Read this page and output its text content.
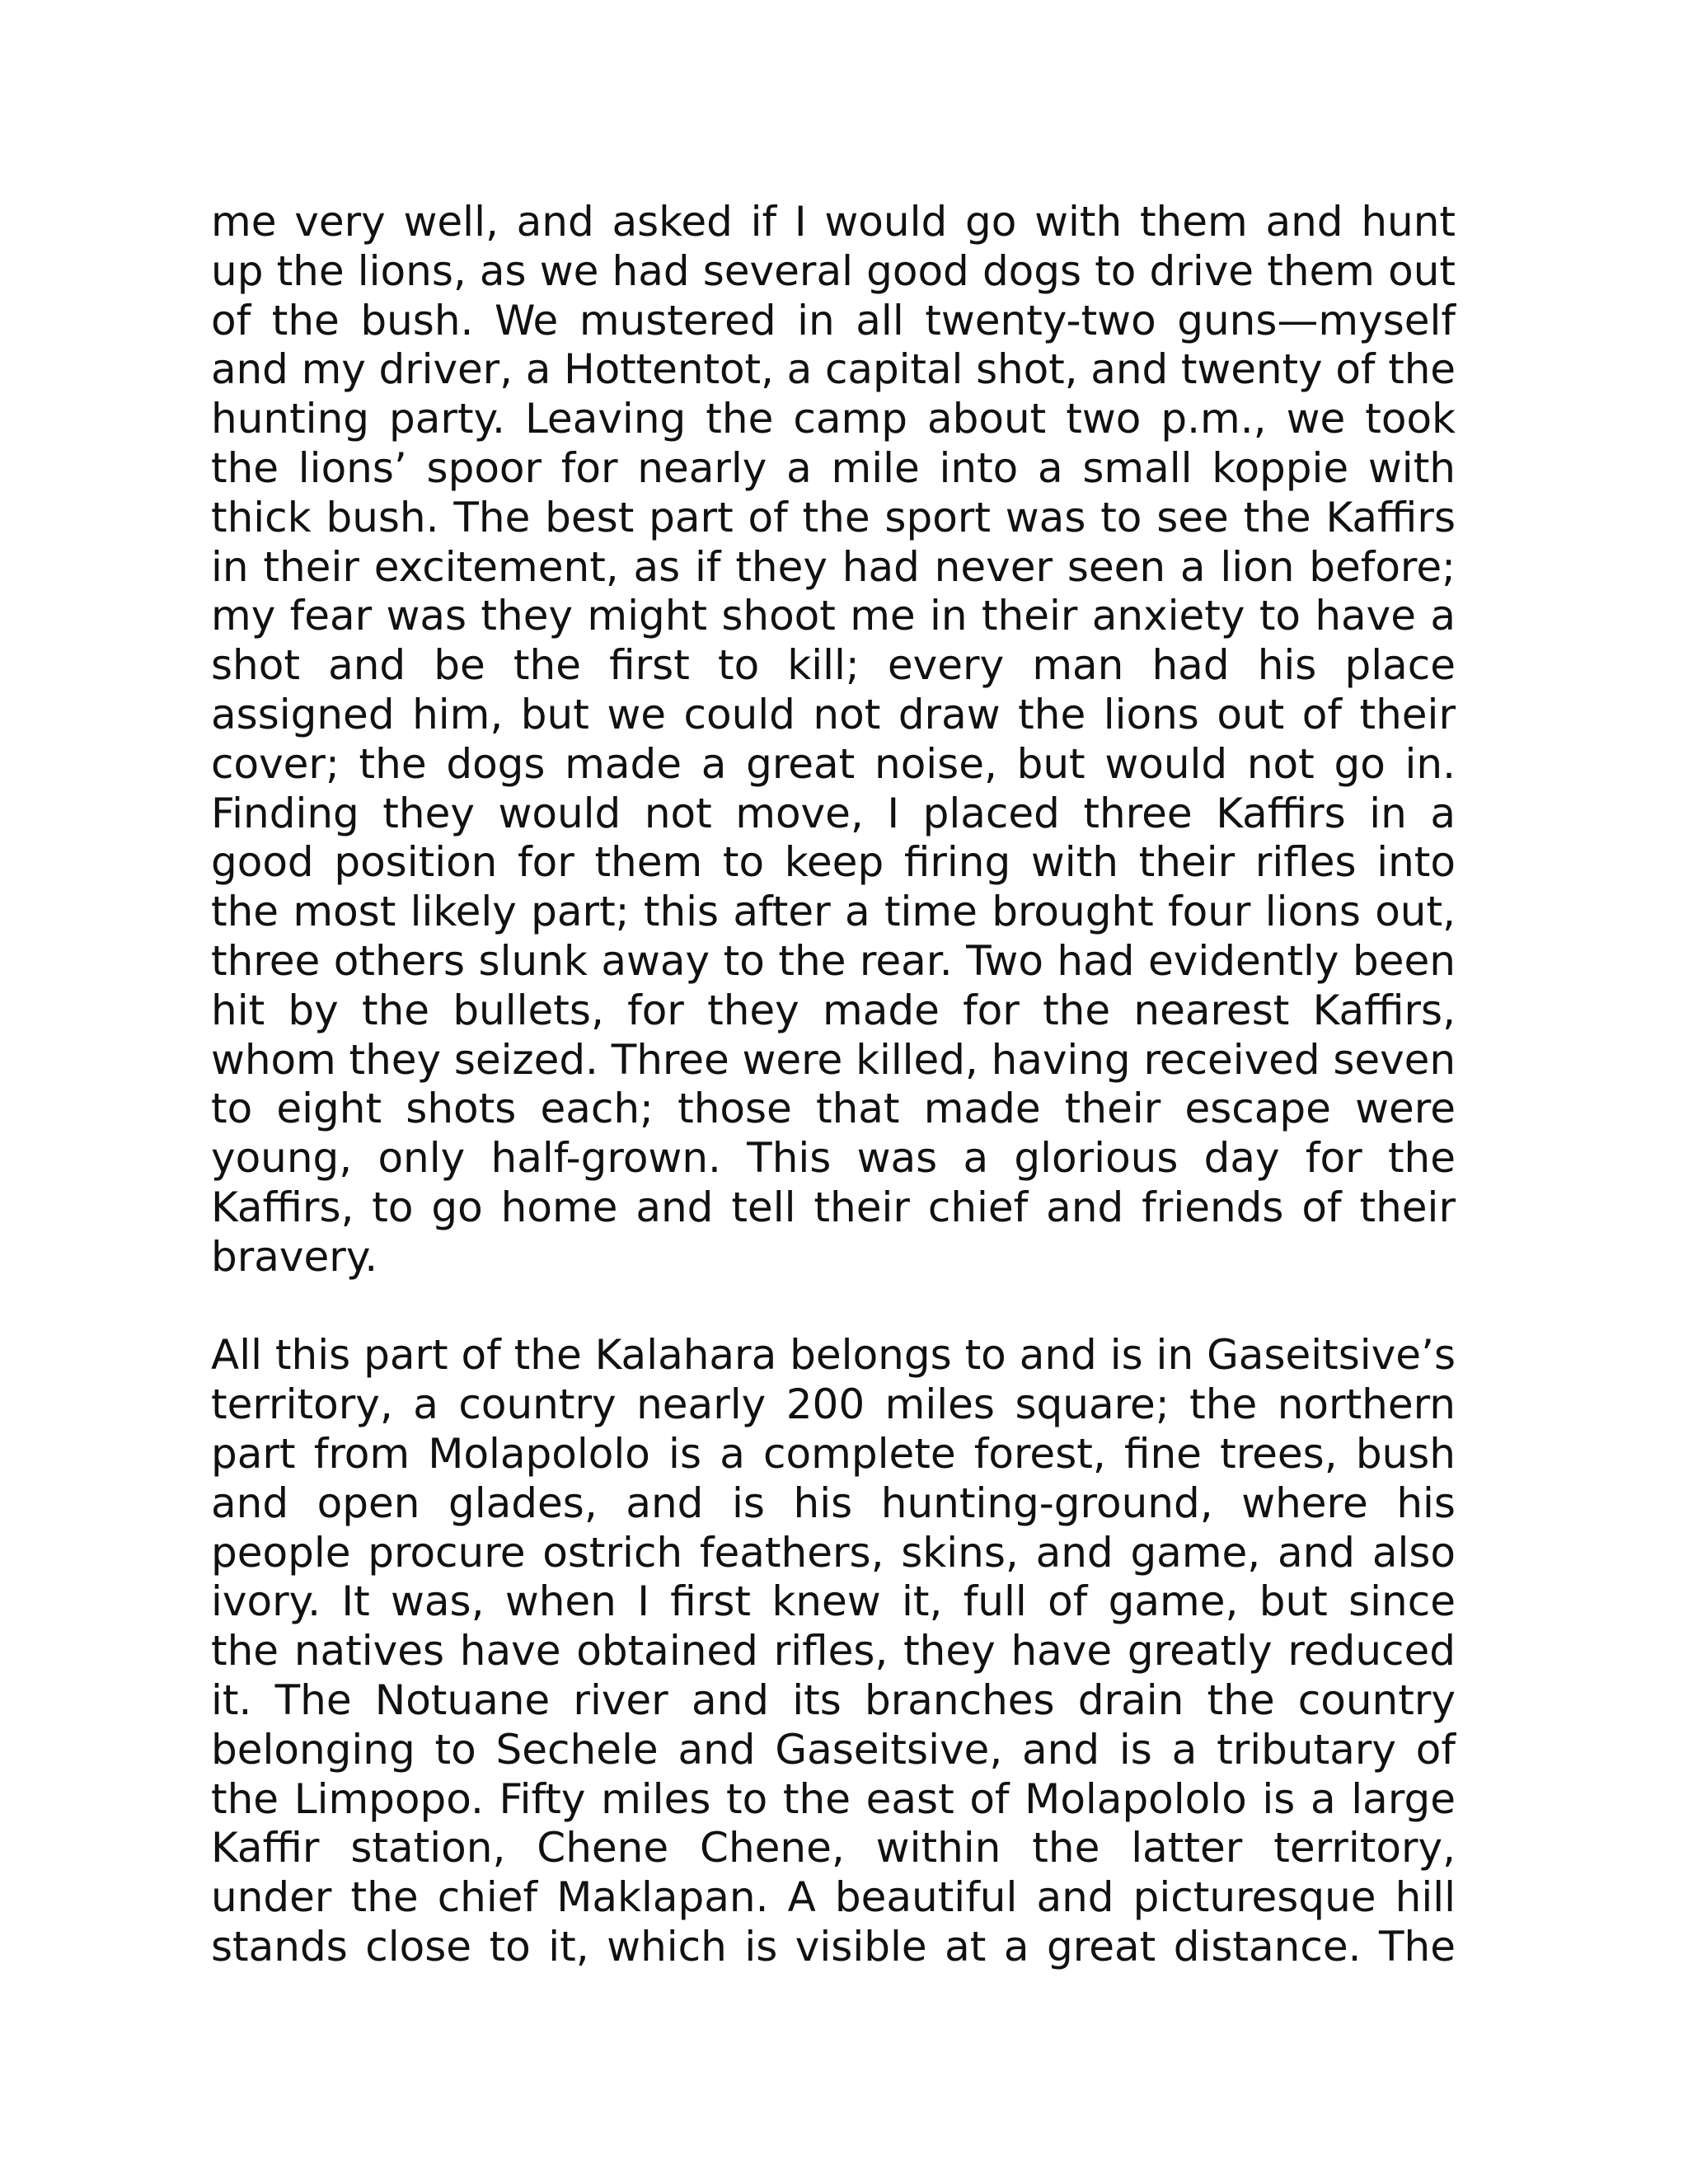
me very well, and asked if I would go with them and hunt
up the lions, as we had several good dogs to drive them out
of the bush. We mustered in all twenty-two guns—myself
and my driver, a Hottentot, a capital shot, and twenty of the
hunting party. Leaving the camp about two p.m., we took
the lions’ spoor for nearly a mile into a small koppie with
thick bush. The best part of the sport was to see the Kaffirs
in their excitement, as if they had never seen a lion before;
my fear was they might shoot me in their anxiety to have a
shot and be the first to kill; every man had his place
assigned him, but we could not draw the lions out of their
cover; the dogs made a great noise, but would not go in.
Finding they would not move, I placed three Kaffirs in a
good position for them to keep firing with their rifles into
the most likely part; this after a time brought four lions out,
three others slunk away to the rear. Two had evidently been
hit by the bullets, for they made for the nearest Kaffirs,
whom they seized. Three were killed, having received seven
to eight shots each; those that made their escape were
young, only half-grown. This was a glorious day for the
Kaffirs, to go home and tell their chief and friends of their
bravery.

All this part of the Kalahara belongs to and is in Gaseitsive’s
territory, a country nearly 200 miles square; the northern
part from Molapololo is a complete forest, fine trees, bush
and open glades, and is his hunting-ground, where his
people procure ostrich feathers, skins, and game, and also
ivory. It was, when I first knew it, full of game, but since
the natives have obtained rifles, they have greatly reduced
it. The Notuane river and its branches drain the country
belonging to Sechele and Gaseitsive, and is a tributary of
the Limpopo. Fifty miles to the east of Molapololo is a large
Kaffir station, Chene Chene, within the latter territory,
under the chief Maklapan. A beautiful and picturesque hill
stands close to it, which is visible at a great distance. The
